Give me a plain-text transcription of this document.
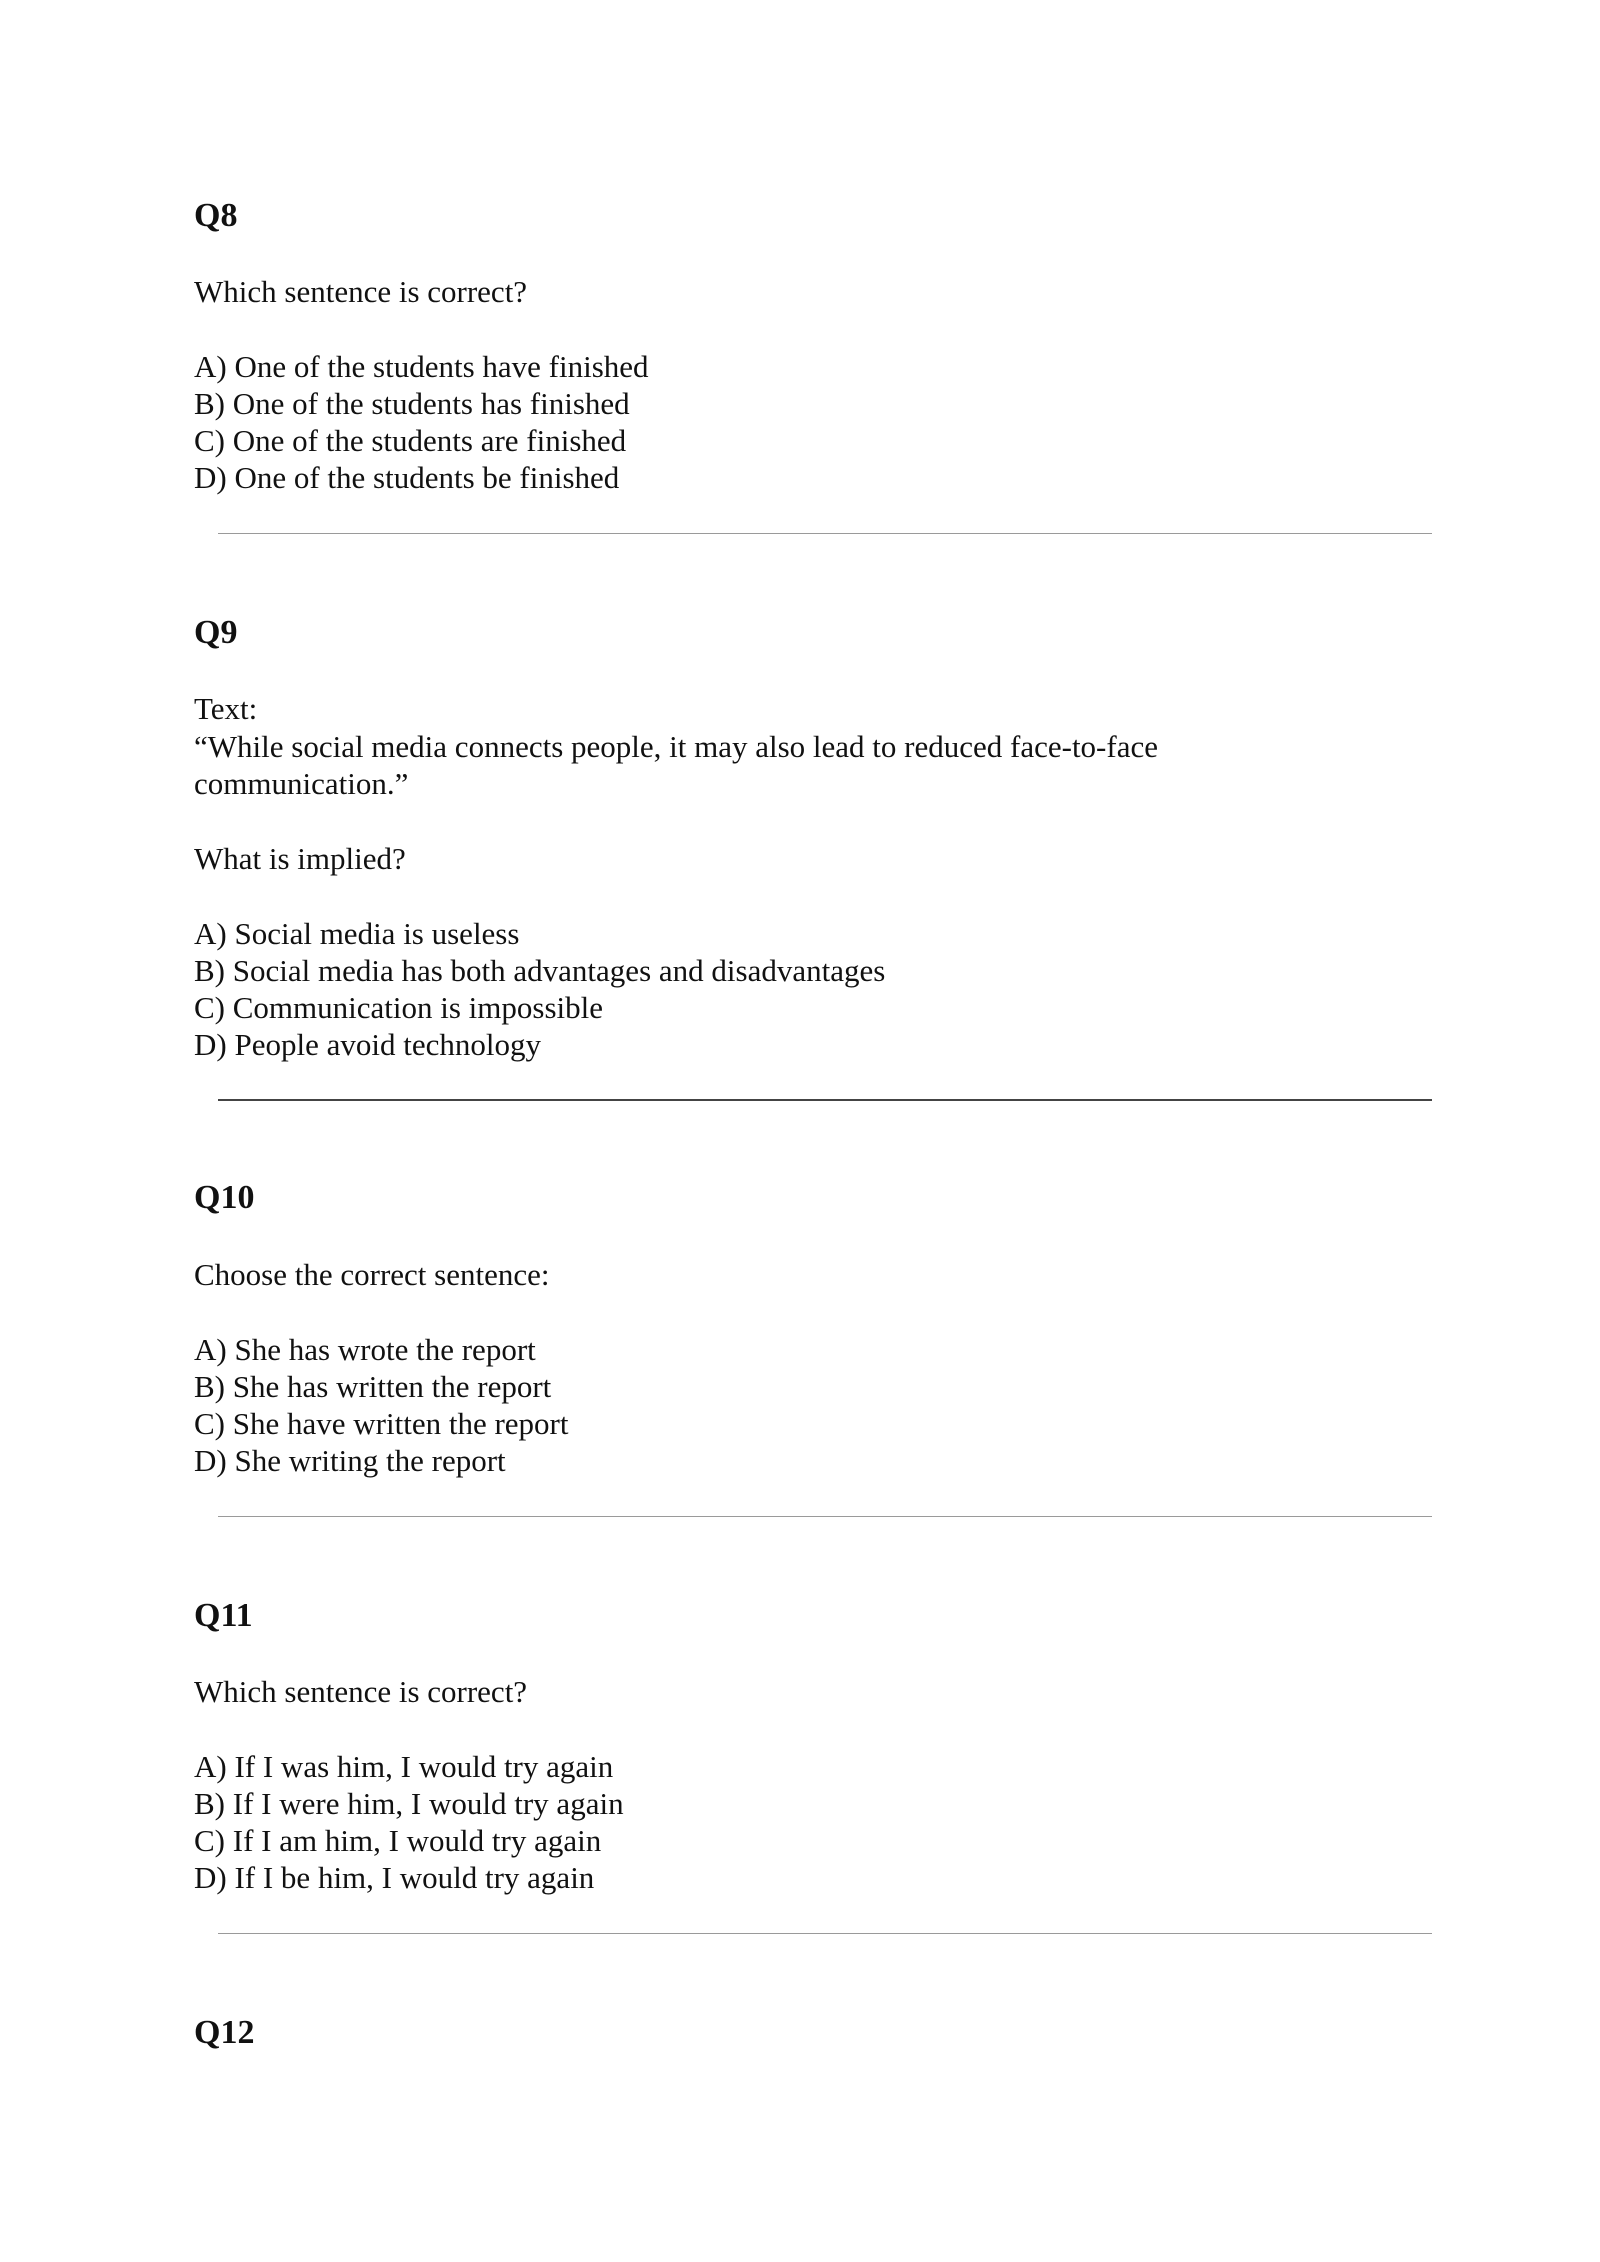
Q8

Which sentence is correct?

A) One of the students have finished
B) One of the students has finished
C) One of the students are finished
D) One of the students be finished
Q9

Text:

“While social media connects people, it may also lead to reduced face-to-face

communication.”

What is implied?

A) Social media is useless
B) Social media has both advantages and disadvantages
C) Communication is impossible
D) People avoid technology
Q10

Choose the correct sentence:

A) She has wrote the report
B) She has written the report
C) She have written the report
D) She writing the report
Q11

Which sentence is correct?

A) If I was him, I would try again
B) If I were him, I would try again
C) If I am him, I would try again
D) If I be him, I would try again
Q12
